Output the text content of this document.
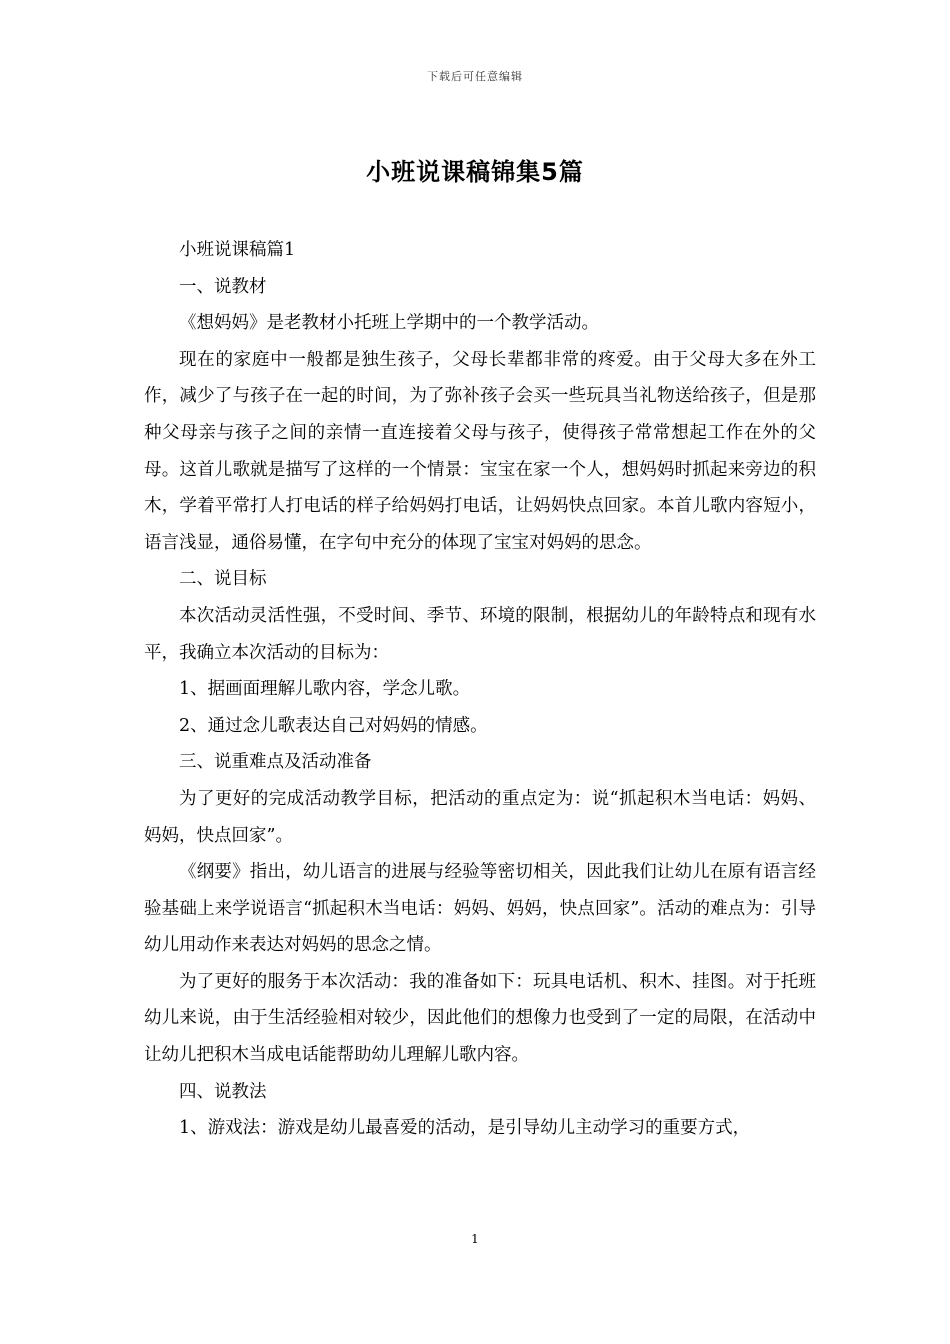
下载后可任意编辑
小班说课稿锦集5篇

小班说课稿篇1

一、说教材

《想妈妈》是老教材小托班上学期中的一个教学活动。

现在的家庭中一般都是独生孩子，父母长辈都非常的疼爱。由于父母大多在外工作，减少了与孩子在一起的时间，为了弥补孩子会买一些玩具当礼物送给孩子，但是那种父母亲与孩子之间的亲情一直连接着父母与孩子，使得孩子常常想起工作在外的父母。这首儿歌就是描写了这样的一个情景：宝宝在家一个人，想妈妈时抓起来旁边的积木，学着平常打人打电话的样子给妈妈打电话，让妈妈快点回家。本首儿歌内容短小，语言浅显，通俗易懂，在字句中充分的体现了宝宝对妈妈的思念。

二、说目标

本次活动灵活性强，不受时间、季节、环境的限制，根据幼儿的年龄特点和现有水平，我确立本次活动的目标为：

1、据画面理解儿歌内容，学念儿歌。

2、通过念儿歌表达自己对妈妈的情感。

三、说重难点及活动准备

为了更好的完成活动教学目标，把活动的重点定为：说“抓起积木当电话：妈妈、妈妈，快点回家”。

《纲要》指出，幼儿语言的进展与经验等密切相关，因此我们让幼儿在原有语言经验基础上来学说语言“抓起积木当电话：妈妈、妈妈，快点回家”。活动的难点为：引导幼儿用动作来表达对妈妈的思念之情。

为了更好的服务于本次活动：我的准备如下：玩具电话机、积木、挂图。对于托班幼儿来说，由于生活经验相对较少，因此他们的想像力也受到了一定的局限，在活动中让幼儿把积木当成电话能帮助幼儿理解儿歌内容。

四、说教法

1、游戏法：游戏是幼儿最喜爱的活动，是引导幼儿主动学习的重要方式，

1
